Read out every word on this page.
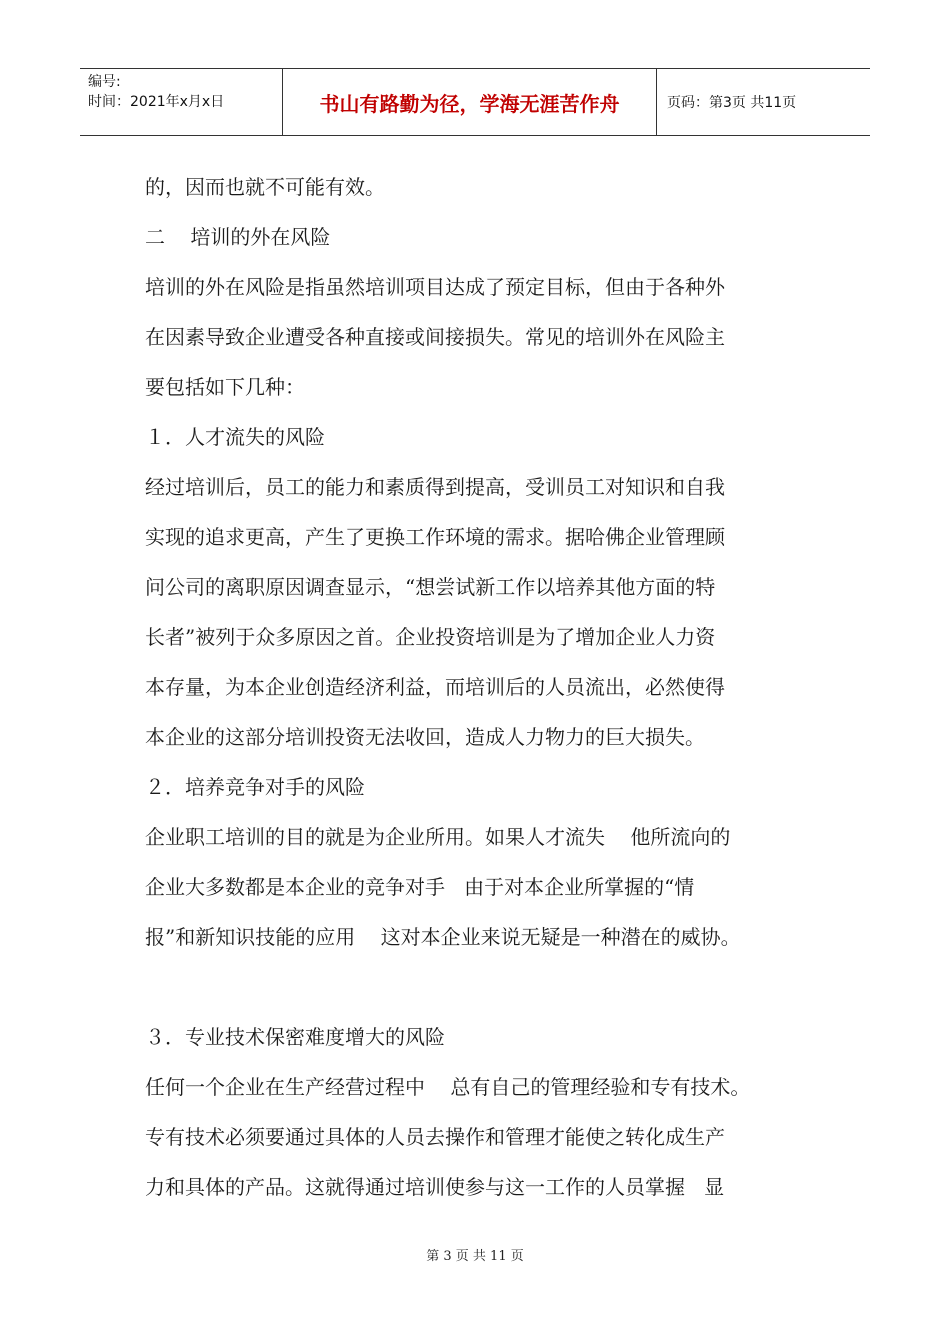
编号:
时间：2021年x月x日	书山有路勤为径，学海无涯苦作舟	页码：第3页 共11页
的，因而也就不可能有效。
二    培训的外在风险
培训的外在风险是指虽然培训项目达成了预定目标，但由于各种外
在因素导致企业遭受各种直接或间接损失。常见的培训外在风险主
要包括如下几种：
１．人才流失的风险
经过培训后，员工的能力和素质得到提高，受训员工对知识和自我
实现的追求更高，产生了更换工作环境的需求。据哈佛企业管理顾
问公司的离职原因调查显示，“想尝试新工作以培养其他方面的特
长者”被列于众多原因之首。企业投资培训是为了增加企业人力资
本存量，为本企业创造经济利益，而培训后的人员流出，必然使得
本企业的这部分培训投资无法收回，造成人力物力的巨大损失。
２．培养竞争对手的风险
企业职工培训的目的就是为企业所用。如果人才流失    他所流向的
企业大多数都是本企业的竞争对手   由于对本企业所掌握的“情
报”和新知识技能的应用    这对本企业来说无疑是一种潜在的威协。
３．专业技术保密难度增大的风险
任何一个企业在生产经营过程中    总有自己的管理经验和专有技术。
专有技术必须要通过具体的人员去操作和管理才能使之转化成生产
力和具体的产品。这就得通过培训使参与这一工作的人员掌握   显
第 3 页 共 11 页
